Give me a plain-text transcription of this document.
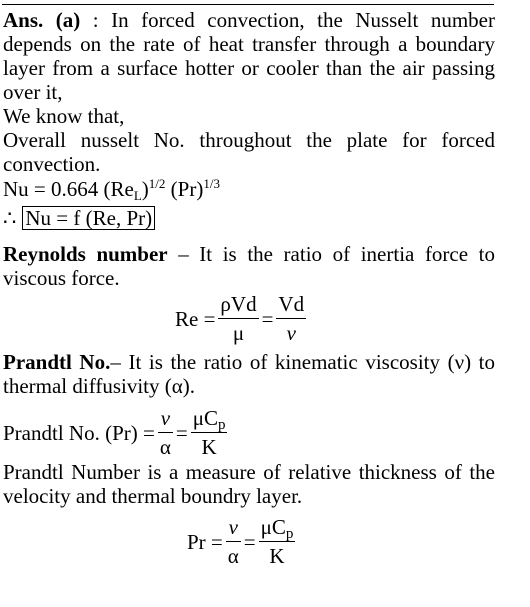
Ans. (a) : In forced convection, the Nusselt number depends on the rate of heat transfer through a boundary layer from a surface hotter or cooler than the air passing over it,
We know that,
Overall nusselt No. throughout the plate for forced convection.
Nu = 0.664 $(Re_L)^{1/2}$ $(Pr)^{1/3}$
∴ Nu = f (Re, Pr)
Reynolds number – It is the ratio of inertia force to viscous force.
$Re = \frac{\text{ρVd}}{\mu} = \frac{Vd}{\nu}$
Prandtl No.– It is the ratio of kinematic viscosity (ν) to thermal diffusivity (α).
Prandtl No. $(Pr) = \frac{\nu}{\alpha} = \frac{\mu C_p}{K}$
Prandtl Number is a measure of relative thickness of the velocity and thermal boundry layer.
$Pr = \frac{\nu}{\alpha} = \frac{\mu C_p}{K}$
